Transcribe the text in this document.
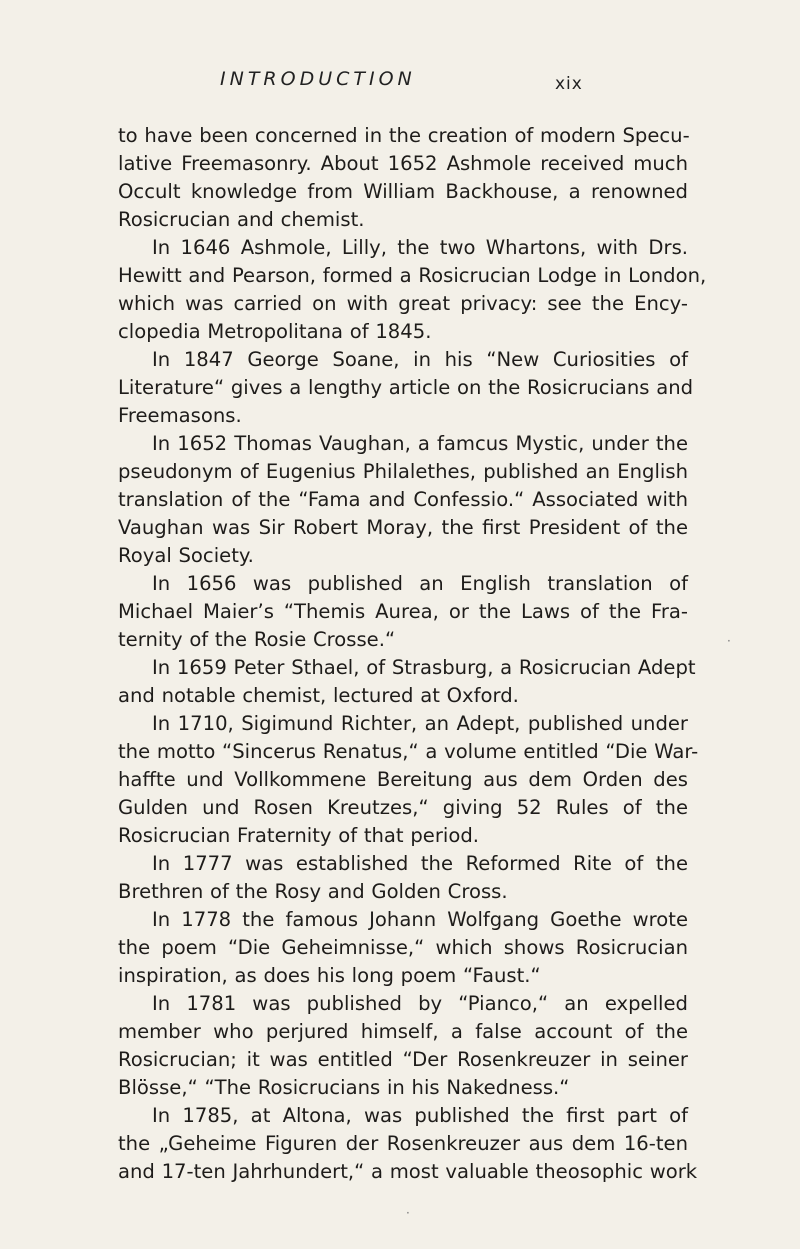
INTRODUCTION	xix
to have been concerned in the creation of modern Specu-
lative Freemasonry. About 1652 Ashmole received much
Occult knowledge from William Backhouse, a renowned
Rosicrucian and chemist.
In 1646 Ashmole, Lilly, the two Whartons, with Drs.
Hewitt and Pearson, formed a Rosicrucian Lodge in London,
which was carried on with great privacy: see the Ency-
clopedia Metropolitana of 1845.
In 1847 George Soane, in his “New Curiosities of
Literature“ gives a lengthy article on the Rosicrucians and
Freemasons.
In 1652 Thomas Vaughan, a famcus Mystic, under the
pseudonym of Eugenius Philalethes, published an English
translation of the “Fama and Confessio.“ Associated with
Vaughan was Sir Robert Moray, the first President of the
Royal Society.
In 1656 was published an English translation of
Michael Maier’s “Themis Aurea, or the Laws of the Fra-
ternity of the Rosie Crosse.“
In 1659 Peter Sthael, of Strasburg, a Rosicrucian Adept
and notable chemist, lectured at Oxford.
In 1710, Sigimund Richter, an Adept, published under
the motto “Sincerus Renatus,“ a volume entitled “Die War-
haffte und Vollkommene Bereitung aus dem Orden des
Gulden und Rosen Kreutzes,“ giving 52 Rules of the
Rosicrucian Fraternity of that period.
In 1777 was established the Reformed Rite of the
Brethren of the Rosy and Golden Cross.
In 1778 the famous Johann Wolfgang Goethe wrote
the poem “Die Geheimnisse,“ which shows Rosicrucian
inspiration, as does his long poem “Faust.“
In 1781 was published by “Pianco,“ an expelled
member who perjured himself, a false account of the
Rosicrucian; it was entitled “Der Rosenkreuzer in seiner
Blösse,“ “The Rosicrucians in his Nakedness.“
In 1785, at Altona, was published the first part of
the „Geheime Figuren der Rosenkreuzer aus dem 16-ten
and 17-ten Jahrhundert,“ a most valuable theosophic work
·
·
